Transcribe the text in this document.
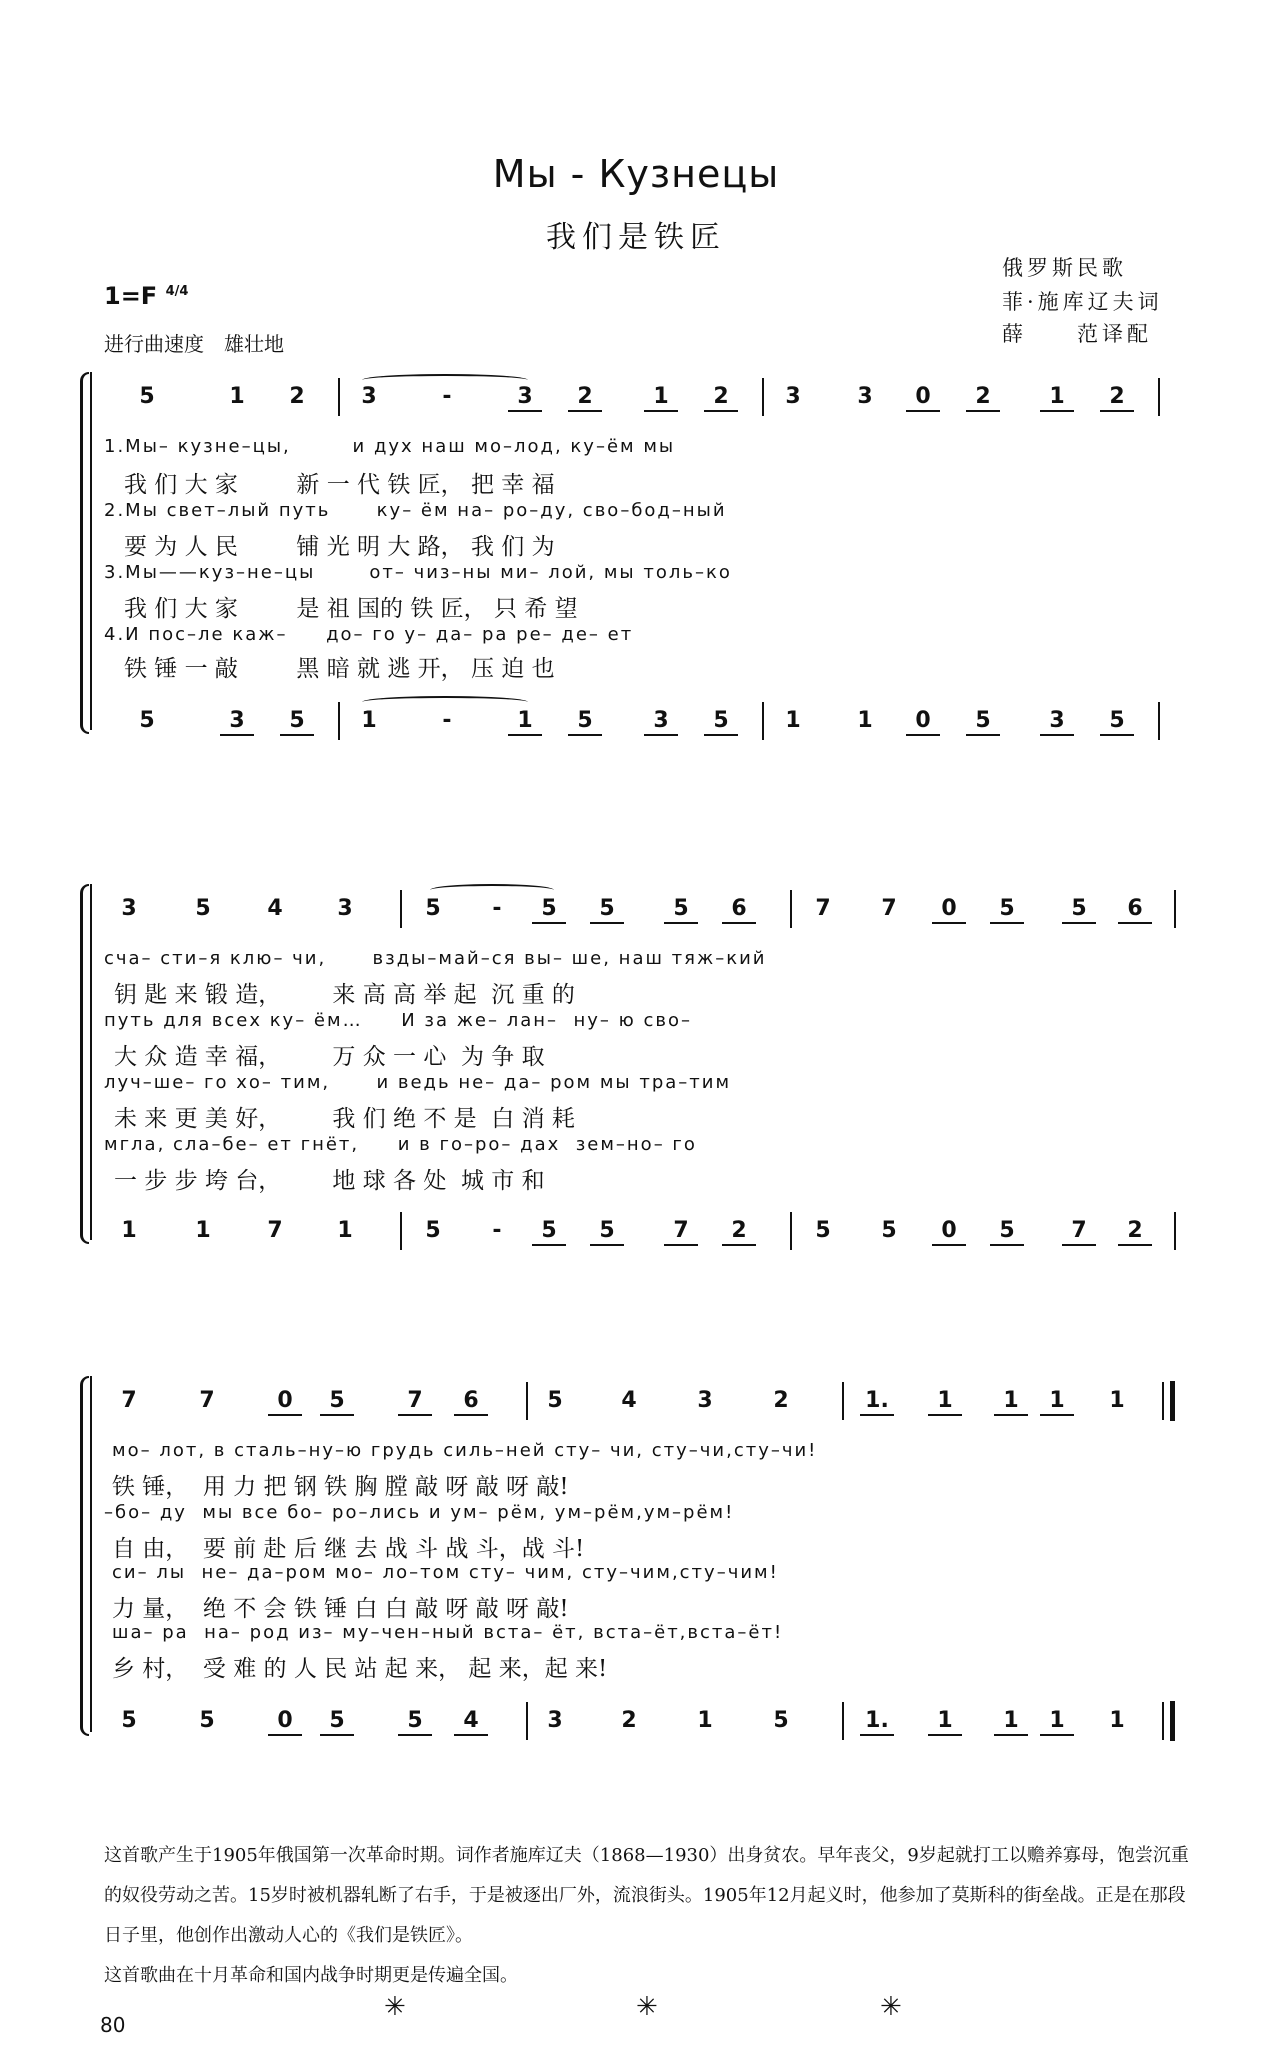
Мы - Кузнецы
我们是铁匠
俄罗斯民歌
菲·施库辽夫词
薛　　范译配
1=F $^{4/4}$
进行曲速度　雄壮地
5	1	2	3	-	3	2	1	2	3	3	0	2	1	2
1.Мы– кузне–цы,        и дух наш мо–лод, ку–ём мы
我 们 大 家        新 一 代 铁 匠， 把 幸 福
2.Мы свет–лый путь      ку– ём на– ро–ду, сво–бод–ный
要 为 人 民        铺 光 明 大 路， 我 们 为
3.Мы——куз–не–цы       от– чиз–ны ми– лой, мы толь–ко
我 们 大 家        是 祖 国的 铁 匠， 只 希 望
4.И пос–ле каж–     до– го у– да– ра ре– де– ет
铁 锤 一 敲        黑 暗 就 逃 开， 压 迫 也
5	3	5	1	-	1	5	3	5	1	1	0	5	3	5
3	5	4	3	5	-	5	5	5	6	7	7	0	5	5	6
сча– сти–я клю– чи,      взды–май–ся вы– ше, наш тяж–кий
钥 匙 来 锻 造，       来 高 高 举 起  沉 重 的
путь для всех ку– ём…     И за же– лан–  ну– ю сво–
大 众 造 幸 福，       万 众 一 心  为 争 取
луч–ше– го хо– тим,      и ведь не– да– ром мы тра–тим
未 来 更 美 好，       我 们 绝 不 是  白 消 耗
мгла, сла–бе– ет гнёт,     и в го–ро– дах  зем–но– го
一 步 步 垮 台，       地 球 各 处  城 市 和
1	1	7	1	5	-	5	5	7	2	5	5	0	5	7	2
7	7	0	5	7	6	5	4	3	2	1.	1	1	1	1
мо– лот, в сталь–ну–ю грудь силь–ней сту– чи, сту–чи,сту–чи!
铁 锤，  用 力 把 钢 铁 胸 膛 敲 呀 敲 呀 敲!
–бо– ду  мы все бо– ро–лись и ум– рём, ум–рём,ум–рём!
自 由，  要 前 赴 后 继 去 战 斗 战 斗，战 斗!
си– лы  не– да–ром мо– ло–том сту– чим, сту–чим,сту–чим!
力 量，  绝 不 会 铁 锤 白 白 敲 呀 敲 呀 敲!
ша– ра  на– род из– му–чен–ный вста– ёт, вста–ёт,вста–ёт!
乡 村，  受 难 的 人 民 站 起 来， 起 来，起 来!
5	5	0	5	5	4	3	2	1	5	1.	1	1	1	1
这首歌产生于1905年俄国第一次革命时期。词作者施库辽夫（1868—1930）出身贫农。早年丧父，9岁起就打工以赡养寡母，饱尝沉重的奴役劳动之苦。15岁时被机器轧断了右手，于是被逐出厂外，流浪街头。1905年12月起义时，他参加了莫斯科的街垒战。正是在那段日子里，他创作出激动人心的《我们是铁匠》。
这首歌曲在十月革命和国内战争时期更是传遍全国。
80
✳	✳	✳
